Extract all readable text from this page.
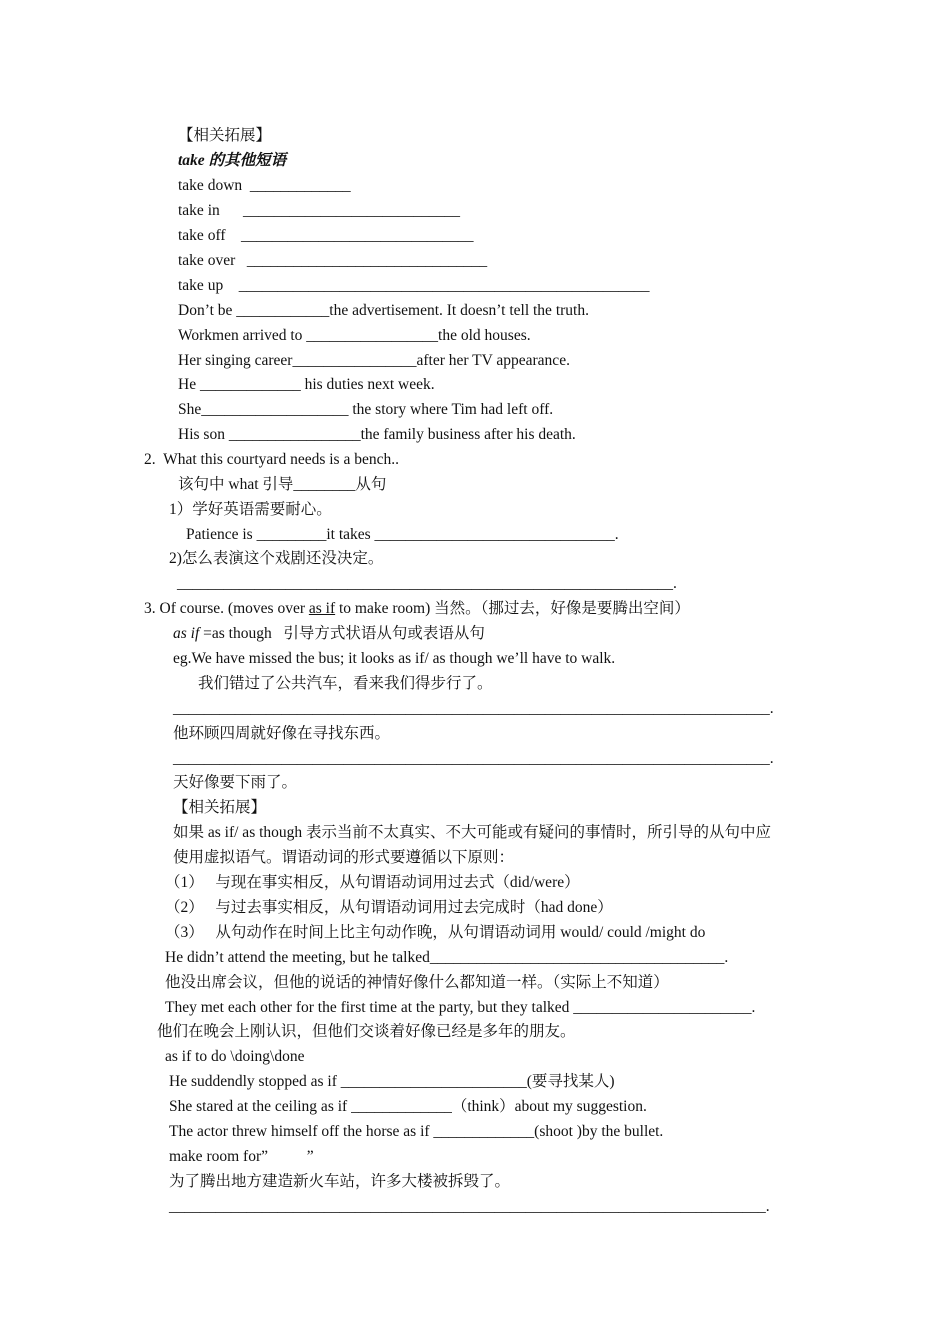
【相关拓展】
take 的其他短语
take down  _____________
take in      ____________________________
take off    ______________________________
take over   _______________________________
take up    _____________________________________________________
Don’t be ____________the advertisement. It doesn’t tell the truth.
Workmen arrived to _________________the old houses.
Her singing career________________after her TV appearance.
He _____________ his duties next week.
She___________________ the story where Tim had left off.
His son _________________the family business after his death.
2.  What this courtyard needs is a bench..
该句中 what 引导________从句
1）学好英语需要耐心。
Patience is _________it takes _______________________________.
2)怎么表演这个戏剧还没决定。
________________________________________________________________.
3. Of course. (moves over as if to make room) 当然。（挪过去，好像是要腾出空间）
as if =as though   引导方式状语从句或表语从句
eg.We have missed the bus; it looks as if/ as though we’ll have to walk.
我们错过了公共汽车，看来我们得步行了。
_____________________________________________________________________________.
他环顾四周就好像在寻找东西。
_____________________________________________________________________________.
天好像要下雨了。
【相关拓展】
如果 as if/ as though 表示当前不太真实、不大可能或有疑问的事情时，所引导的从句中应
使用虚拟语气。谓语动词的形式要遵循以下原则：
（1）   与现在事实相反，从句谓语动词用过去式（did/were）
（2）   与过去事实相反，从句谓语动词用过去完成时（had done）
（3）   从句动作在时间上比主句动作晚，从句谓语动词用 would/ could /might do
He didn’t attend the meeting, but he talked______________________________________.
他没出席会议，但他的说话的神情好像什么都知道一样。（实际上不知道）
They met each other for the first time at the party, but they talked _______________________.
他们在晚会上刚认识，但他们交谈着好像已经是多年的朋友。
as if to do \doing\done
He suddendly stopped as if ________________________(要寻找某人)
She stared at the ceiling as if _____________（think）about my suggestion.
The actor threw himself off the horse as if _____________(shoot )by the bullet.
make room for”          ”
为了腾出地方建造新火车站，许多大楼被拆毁了。
_____________________________________________________________________________.
